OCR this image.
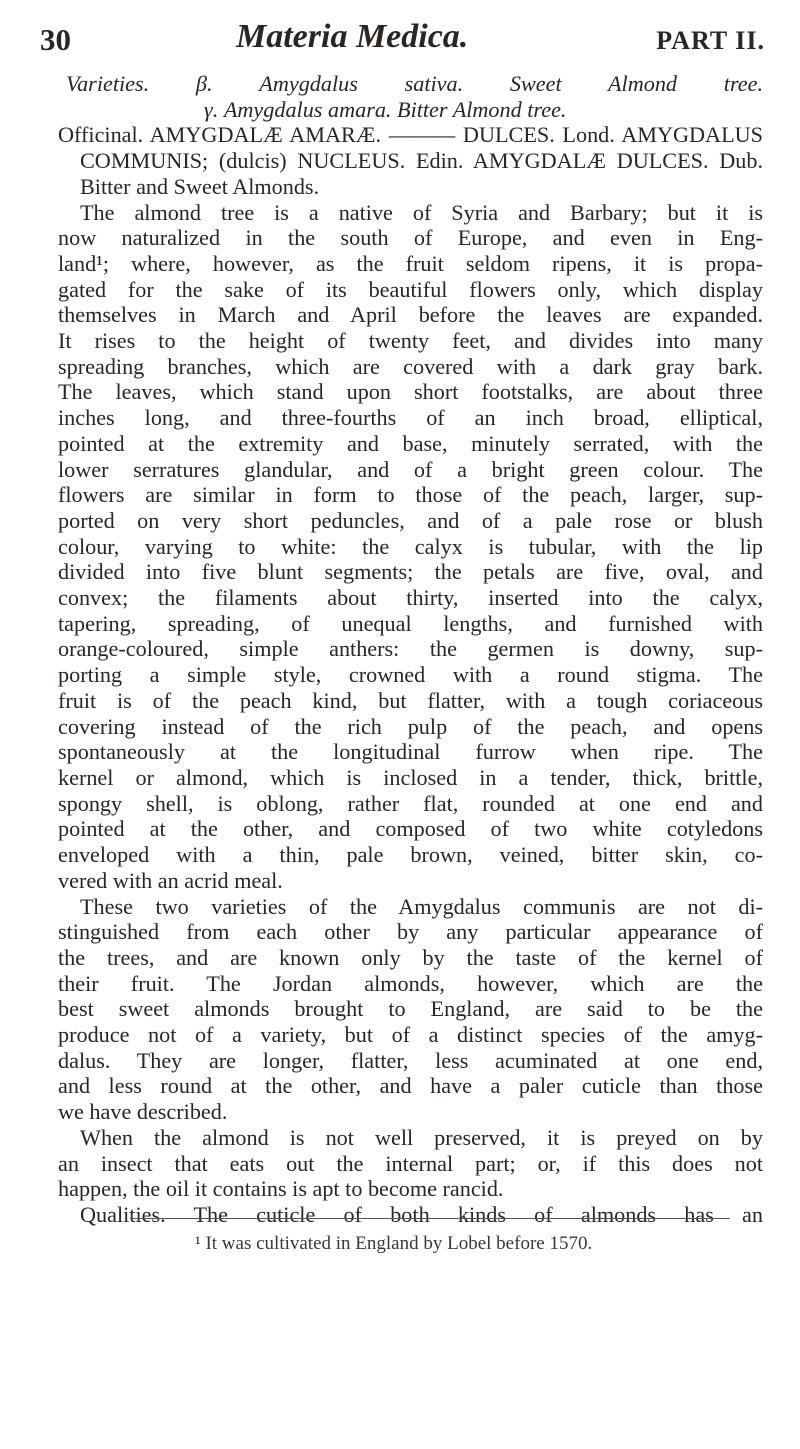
30	Materia Medica.	PART II.
Varieties. β. Amygdalus sativa. Sweet Almond tree.
γ. Amygdalus amara. Bitter Almond tree.
Officinal. AMYGDALÆ AMARÆ. ——— DULCES. Lond. AMYGDALUS
COMMUNIS; (dulcis) NUCLEUS. Edin. AMYGDALÆ DULCES. Dub.
Bitter and Sweet Almonds.
The almond tree is a native of Syria and Barbary; but it is
now naturalized in the south of Europe, and even in Eng-
land¹; where, however, as the fruit seldom ripens, it is propa-
gated for the sake of its beautiful flowers only, which display
themselves in March and April before the leaves are expanded.
It rises to the height of twenty feet, and divides into many
spreading branches, which are covered with a dark gray bark.
The leaves, which stand upon short footstalks, are about three
inches long, and three-fourths of an inch broad, elliptical,
pointed at the extremity and base, minutely serrated, with the
lower serratures glandular, and of a bright green colour. The
flowers are similar in form to those of the peach, larger, sup-
ported on very short peduncles, and of a pale rose or blush
colour, varying to white: the calyx is tubular, with the lip
divided into five blunt segments; the petals are five, oval, and
convex; the filaments about thirty, inserted into the calyx,
tapering, spreading, of unequal lengths, and furnished with
orange-coloured, simple anthers: the germen is downy, sup-
porting a simple style, crowned with a round stigma. The
fruit is of the peach kind, but flatter, with a tough coriaceous
covering instead of the rich pulp of the peach, and opens
spontaneously at the longitudinal furrow when ripe. The
kernel or almond, which is inclosed in a tender, thick, brittle,
spongy shell, is oblong, rather flat, rounded at one end and
pointed at the other, and composed of two white cotyledons
enveloped with a thin, pale brown, veined, bitter skin, co-
vered with an acrid meal.
These two varieties of the Amygdalus communis are not di-
stinguished from each other by any particular appearance of
the trees, and are known only by the taste of the kernel of
their fruit. The Jordan almonds, however, which are the
best sweet almonds brought to England, are said to be the
produce not of a variety, but of a distinct species of the amyg-
dalus. They are longer, flatter, less acuminated at one end,
and less round at the other, and have a paler cuticle than those
we have described.
When the almond is not well preserved, it is preyed on by
an insect that eats out the internal part; or, if this does not
happen, the oil it contains is apt to become rancid.
Qualities. The cuticle of both kinds of almonds has an
¹ It was cultivated in England by Lobel before 1570.
